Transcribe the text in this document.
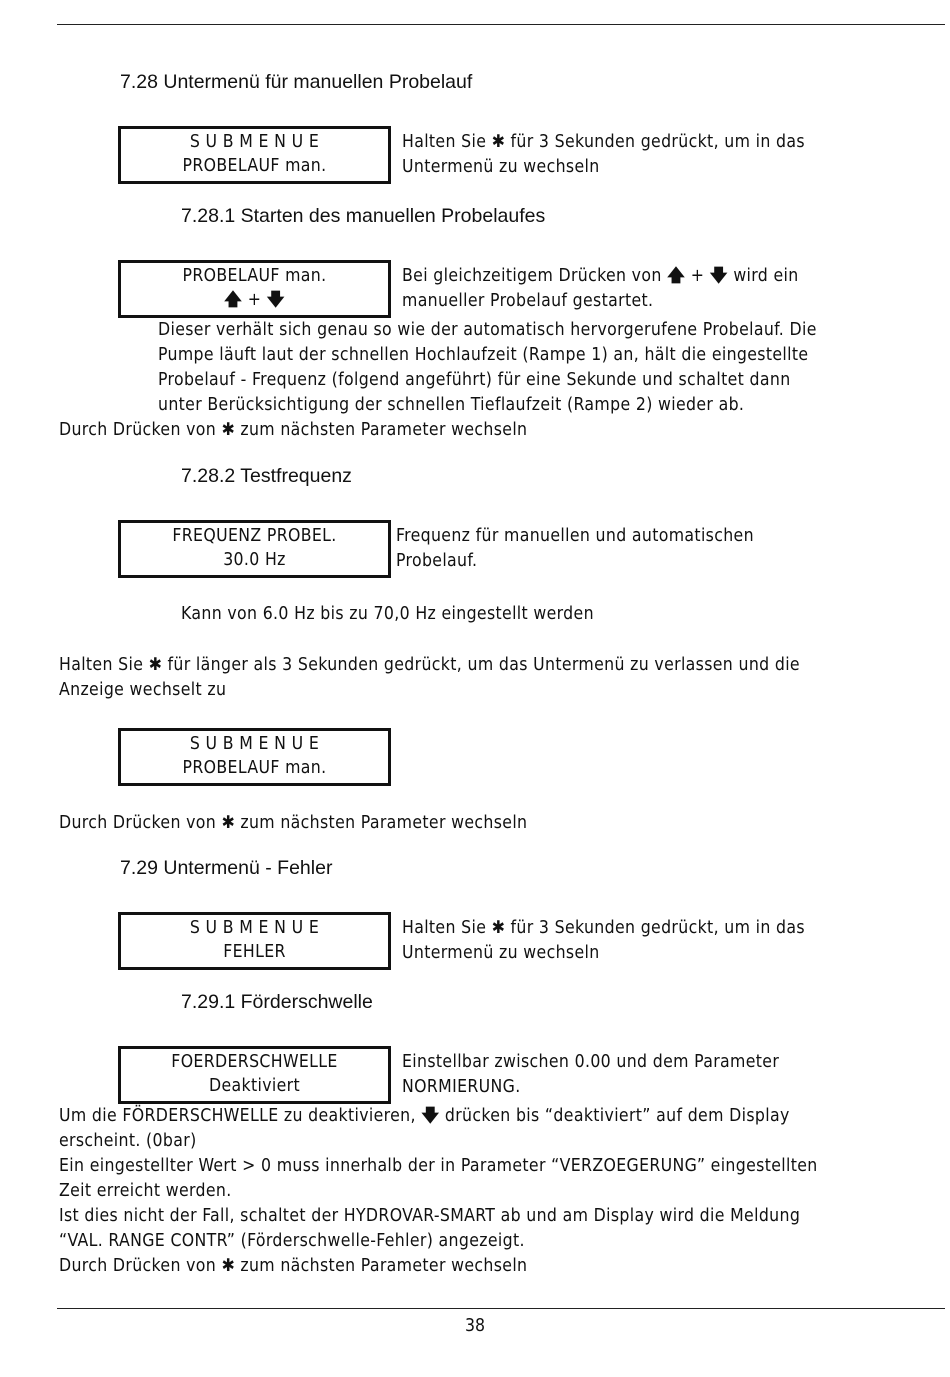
7.28 Untermenü für manuellen Probelauf
S U B M E N U E
PROBELAUF man.
Halten Sie ✱ für 3 Sekunden gedrückt, um in das
Untermenü zu wechseln
7.28.1 Starten des manuellen Probelaufes
PROBELAUF man.
🡅 + 🡇
Bei gleichzeitigem Drücken von 🡅 + 🡇 wird ein
manueller Probelauf gestartet.
Dieser verhält sich genau so wie der automatisch hervorgerufene Probelauf. Die
Pumpe läuft laut der schnellen Hochlaufzeit (Rampe 1) an, hält die eingestellte
Probelauf - Frequenz (folgend angeführt) für eine Sekunde und schaltet dann
unter Berücksichtigung der schnellen Tieflaufzeit (Rampe 2) wieder ab.
Durch Drücken von ✱ zum nächsten Parameter wechseln
7.28.2 Testfrequenz
FREQUENZ PROBEL.
30.0 Hz
Frequenz für manuellen und automatischen
Probelauf.
Kann von 6.0 Hz bis zu 70,0 Hz eingestellt werden
Halten Sie ✱ für länger als 3 Sekunden gedrückt, um das Untermenü zu verlassen und die
Anzeige wechselt zu
S U B M E N U E
PROBELAUF man.
Durch Drücken von ✱ zum nächsten Parameter wechseln
7.29 Untermenü - Fehler
S U B M E N U E
FEHLER
Halten Sie ✱ für 3 Sekunden gedrückt, um in das
Untermenü zu wechseln
7.29.1 Förderschwelle
FOERDERSCHWELLE
Deaktiviert
Einstellbar zwischen 0.00 und dem Parameter
NORMIERUNG.
Um die FÖRDERSCHWELLE zu deaktivieren, 🡇 drücken bis “deaktiviert” auf dem Display
erscheint. (0bar)
Ein eingestellter Wert > 0 muss innerhalb der in Parameter “VERZOEGERUNG” eingestellten
Zeit erreicht werden.
Ist dies nicht der Fall, schaltet der HYDROVAR-SMART ab und am Display wird die Meldung
“VAL. RANGE CONTR” (Förderschwelle-Fehler) angezeigt.
Durch Drücken von ✱ zum nächsten Parameter wechseln
38
